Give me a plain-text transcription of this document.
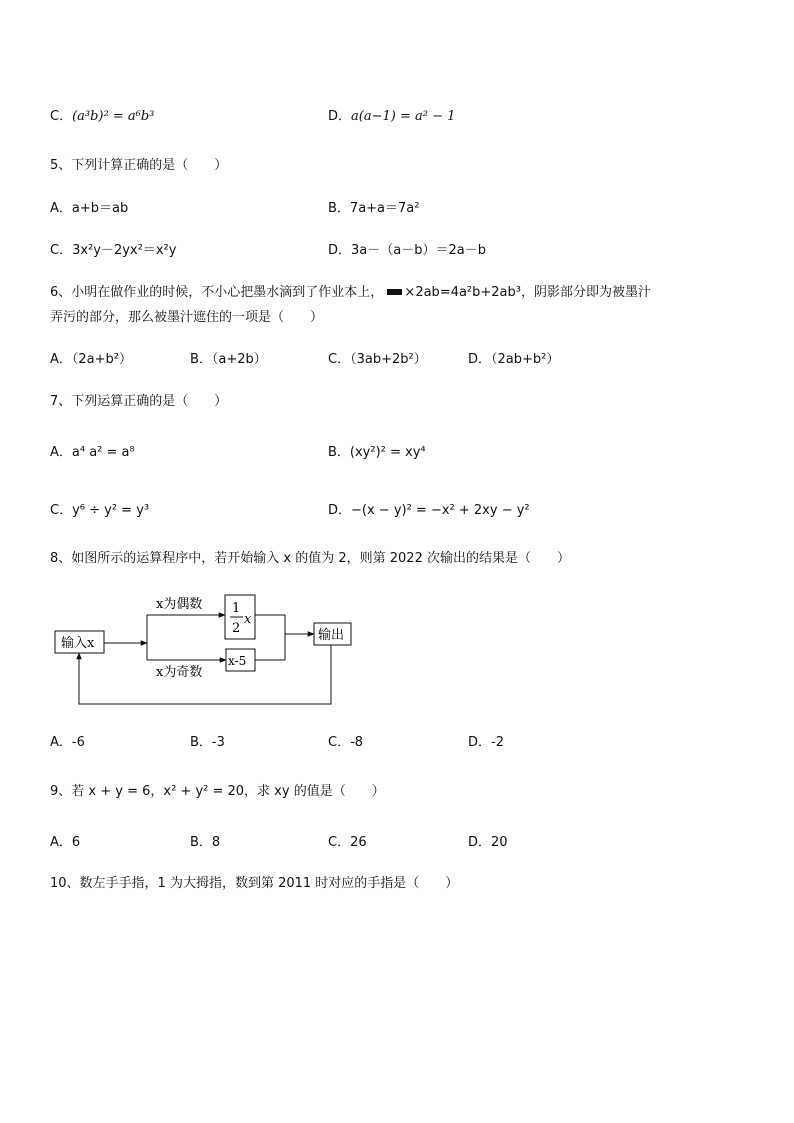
C．(a³b)² = a⁶b³	D．a(a−1) = a² − 1
5、下列计算正确的是（　　）
A．a+b＝ab	B．7a+a＝7a²
C．3x²y－2yx²＝x²y	D．3a－（a－b）＝2a－b
6、小明在做作业的时候，不小心把墨水滴到了作业本上， ×2ab=4a²b+2ab³，阴影部分即为被墨汁
弄污的部分，那么被墨汁遮住的一项是（　　）
A．（2a+b²）	B．（a+2b）	C．（3ab+2b²）	D．（2ab+b²）
7、下列运算正确的是（　　）
A．a⁴ a² = a⁸	B．(xy²)² = xy⁴
C．y⁶ ÷ y² = y³	D．−(x − y)² = −x² + 2xy − y²
8、如图所示的运算程序中，若开始输入 x 的值为 2，则第 2022 次输出的结果是（　　）
输入x
x为偶数
x为奇数
1
2
x
x-5
输出
A．-6	B．-3	C．-8	D．-2
9、若 x + y = 6，x² + y² = 20，求 xy 的值是（　　）
A．6	B．8	C．26	D．20
10、数左手手指，1 为大拇指，数到第 2011 时对应的手指是（　　）
